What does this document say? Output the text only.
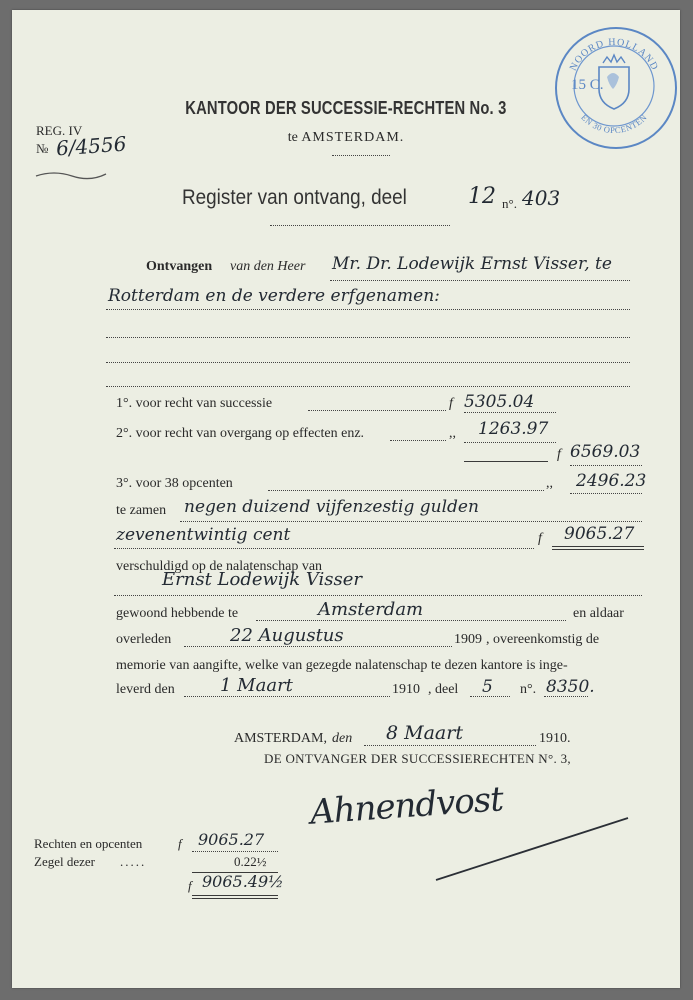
NOORD HOLLAND
EN 30 OPCENTEN
15 C.
KANTOOR DER SUCCESSIE-RECHTEN No. 3
te AMSTERDAM.
REG. IV
№ 6/4556
Register van ontvang, deel	12 n°. 403
Ontvangen van den Heer Mr. Dr. Lodewijk Ernst Visser, te
Rotterdam en de verdere erfgenamen:
1°. voor recht van successie	f 5305.04
2°. voor recht van overgang op effecten enz.	,, 1263.97
f 6569.03
3°. voor 38 opcenten	,, 2496.23
te zamen negen duizend vijfenzestig gulden
zevenentwintig cent	f 9065.27
verschuldigd op de nalatenschap van
Ernst Lodewijk Visser
gewoond hebbende te	Amsterdam	en aldaar
overleden	22 Augustus	1909 , overeenkomstig de
memorie van aangifte, welke van gezegde nalatenschap te dezen kantore is inge-
leverd den	1 Maart	1910 , deel 5 n°. 8350.
AMSTERDAM, den 8 Maart	1910.
DE ONTVANGER DER SUCCESSIERECHTEN N°. 3,
Ahnendvost
Rechten en opcenten	f 9065.27
Zegel dezer .....	0.22½
f 9065.49½
